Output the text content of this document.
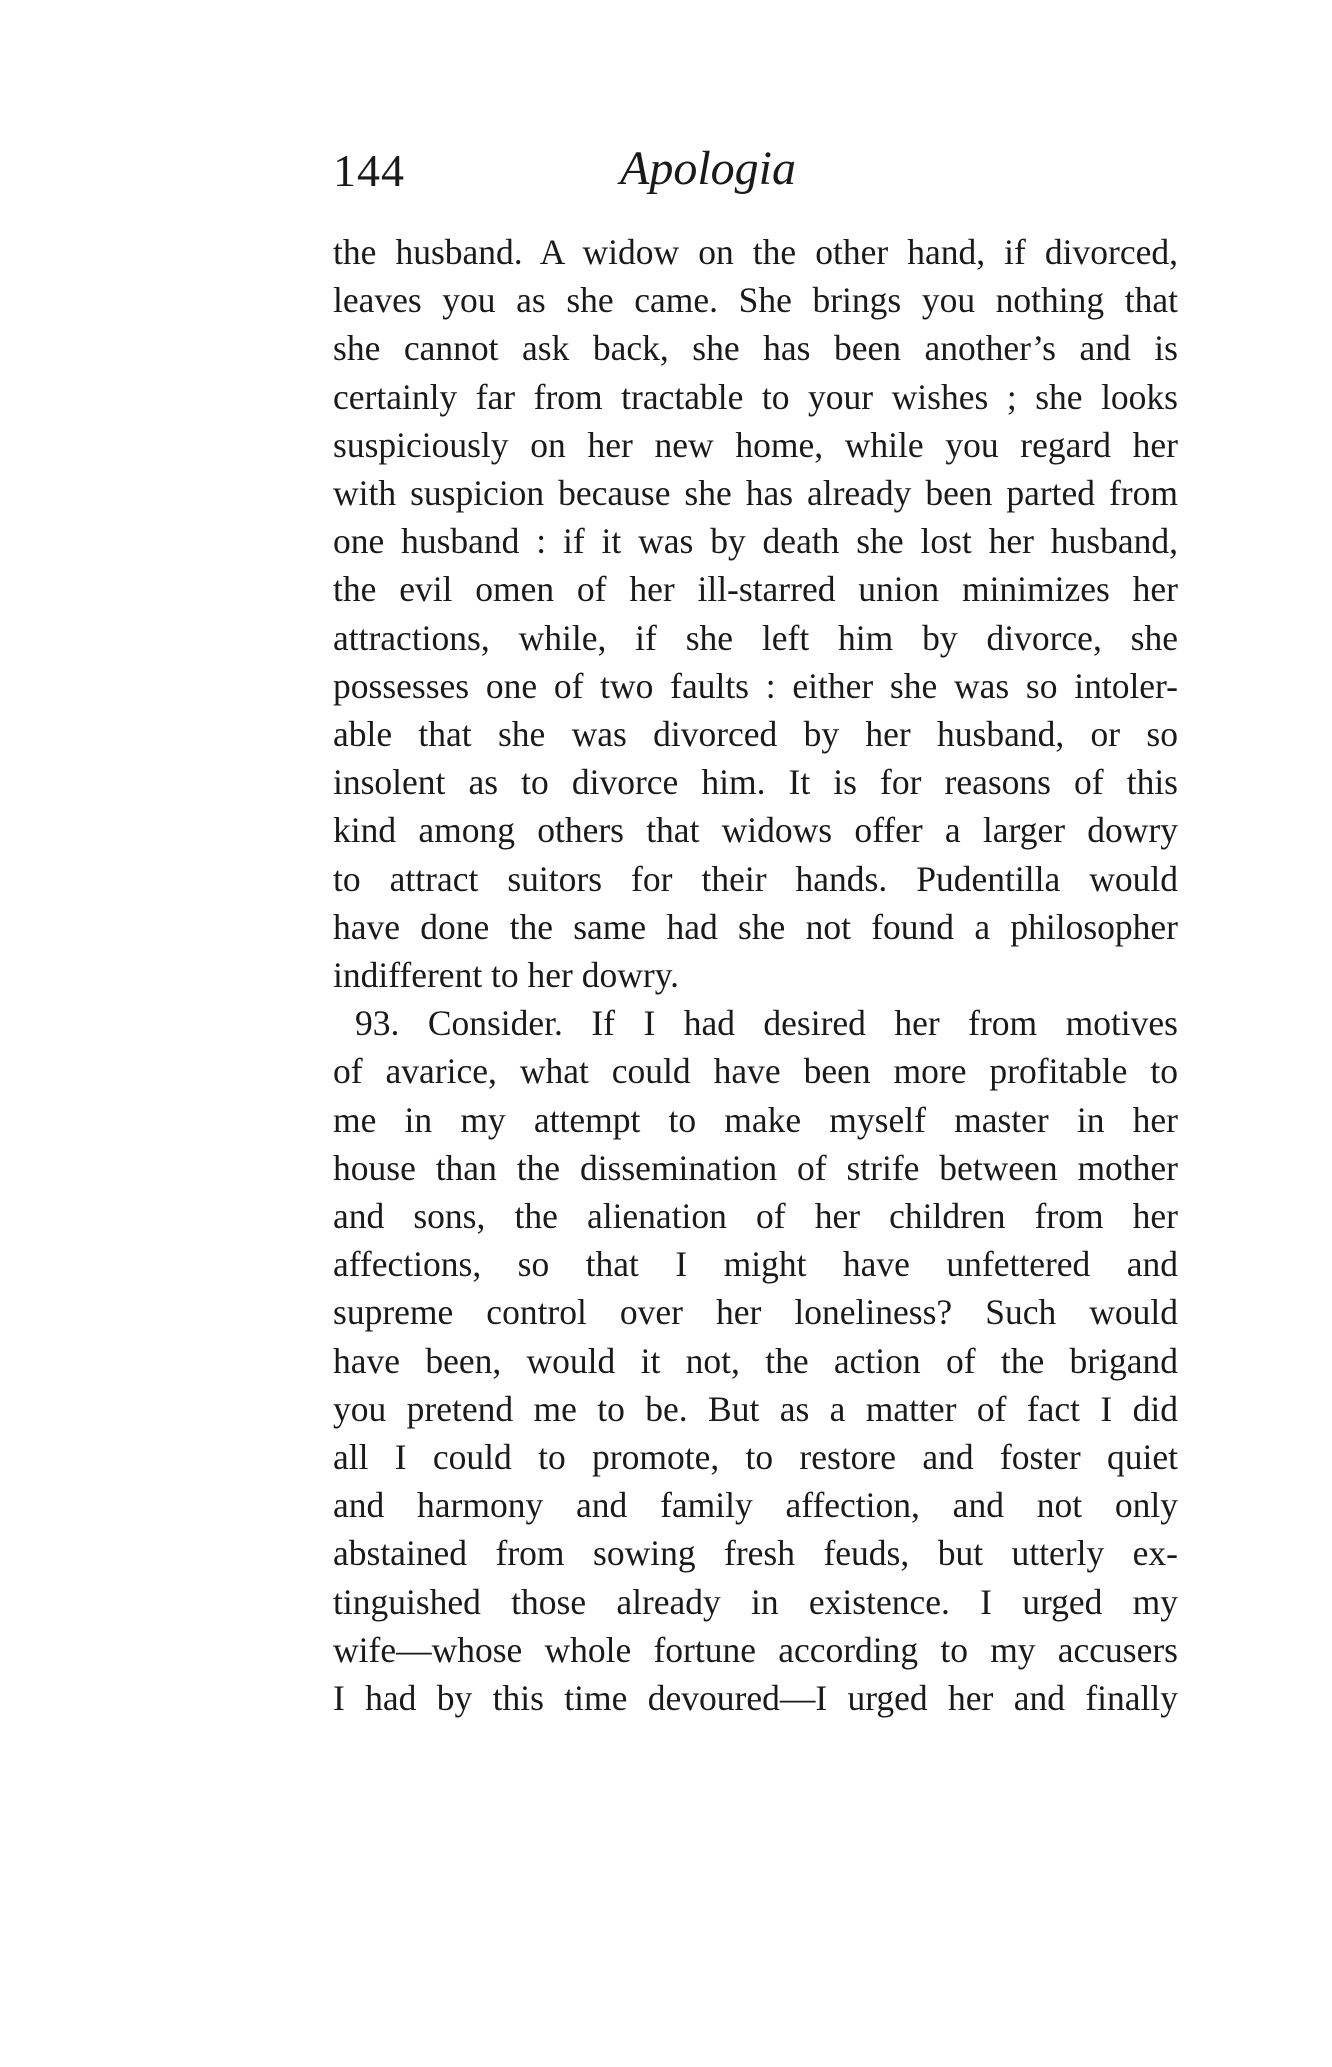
144	Apologia
the husband. A widow on the other hand, if divorced,
leaves you as she came. She brings you nothing that
she cannot ask back, she has been another’s and is
certainly far from tractable to your wishes ; she looks
suspiciously on her new home, while you regard her
with suspicion because she has already been parted from
one husband : if it was by death she lost her husband,
the evil omen of her ill-starred union minimizes her
attractions, while, if she left him by divorce, she
possesses one of two faults : either she was so intoler-
able that she was divorced by her husband, or so
insolent as to divorce him. It is for reasons of this
kind among others that widows offer a larger dowry
to attract suitors for their hands. Pudentilla would
have done the same had she not found a philosopher
indifferent to her dowry.
93. Consider. If I had desired her from motives
of avarice, what could have been more profitable to
me in my attempt to make myself master in her
house than the dissemination of strife between mother
and sons, the alienation of her children from her
affections, so that I might have unfettered and
supreme control over her loneliness? Such would
have been, would it not, the action of the brigand
you pretend me to be. But as a matter of fact I did
all I could to promote, to restore and foster quiet
and harmony and family affection, and not only
abstained from sowing fresh feuds, but utterly ex-
tinguished those already in existence. I urged my
wife—whose whole fortune according to my accusers
I had by this time devoured—I urged her and finally
